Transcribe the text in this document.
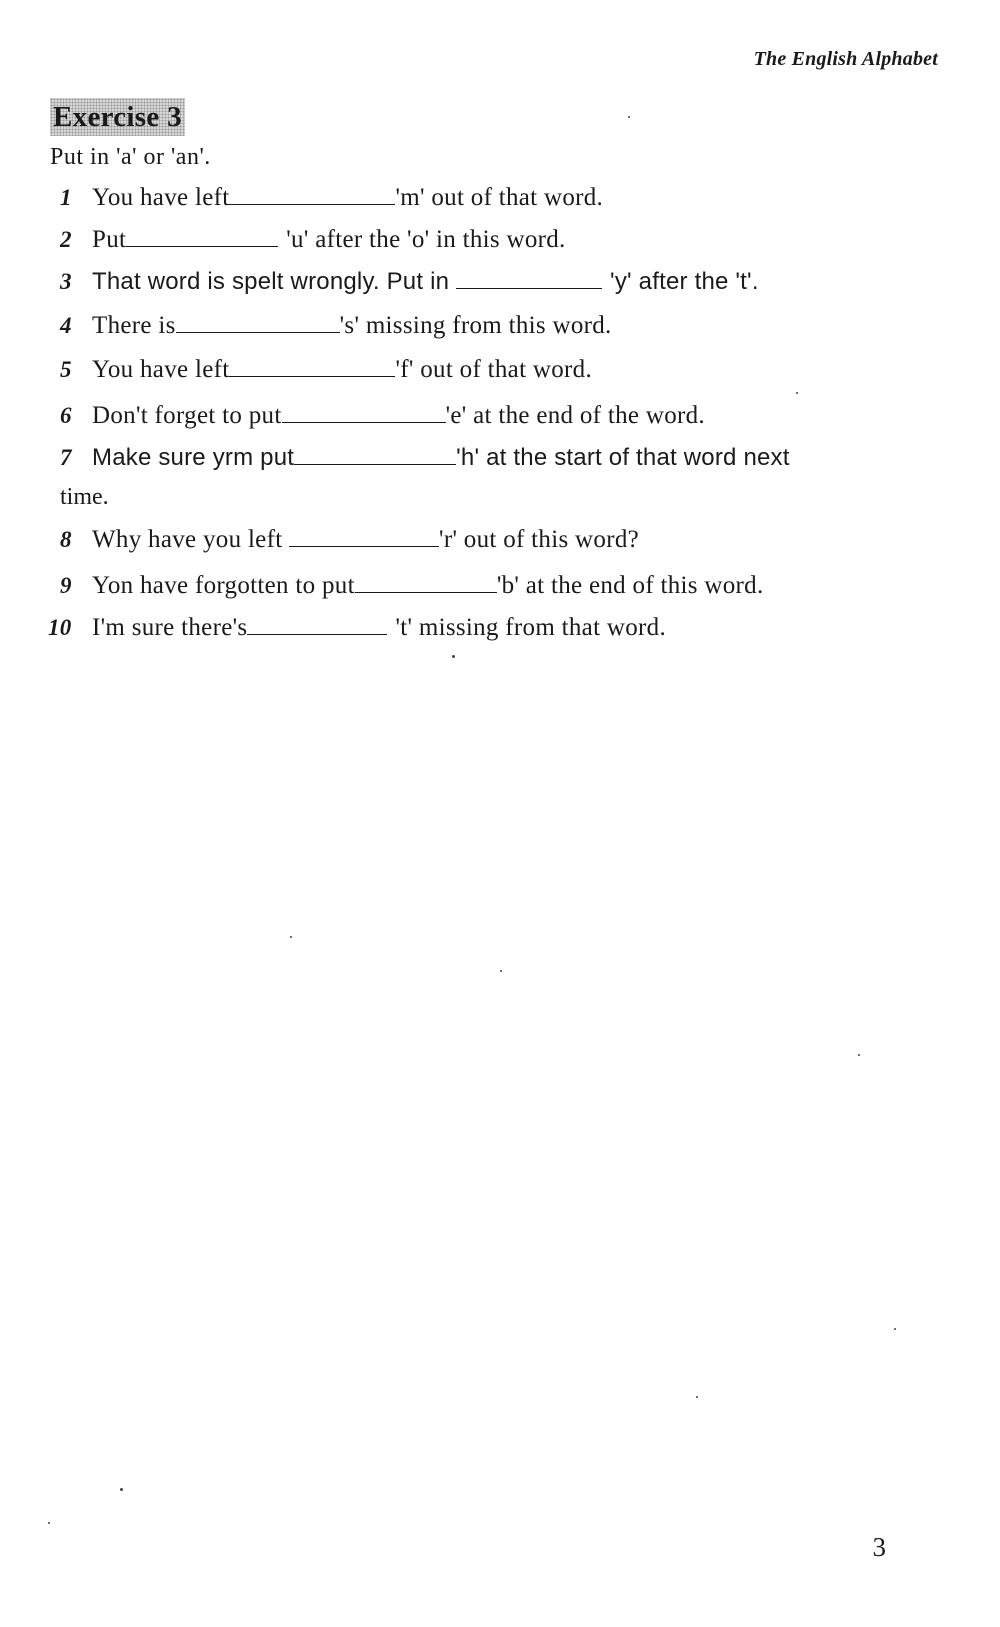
The English Alphabet
Exercise 3
Put in 'a' or 'an'.
1 You have left	'm' out of that word.
2 Put	'u' after the 'o' in this word.
3 That word is spelt wrongly. Put in	'y' after the 't'.
4 There is	's' missing from this word.
5 You have left	'f' out of that word.
6 Don't forget to put	'e' at the end of the word.
7 Make sure yrm put	'h' at the start of that word next
time.
8 Why have you left	'r' out of this word?
9 Yon have forgotten to put	'b' at the end of this word.
10 I'm sure there's	't' missing from that word.
3
